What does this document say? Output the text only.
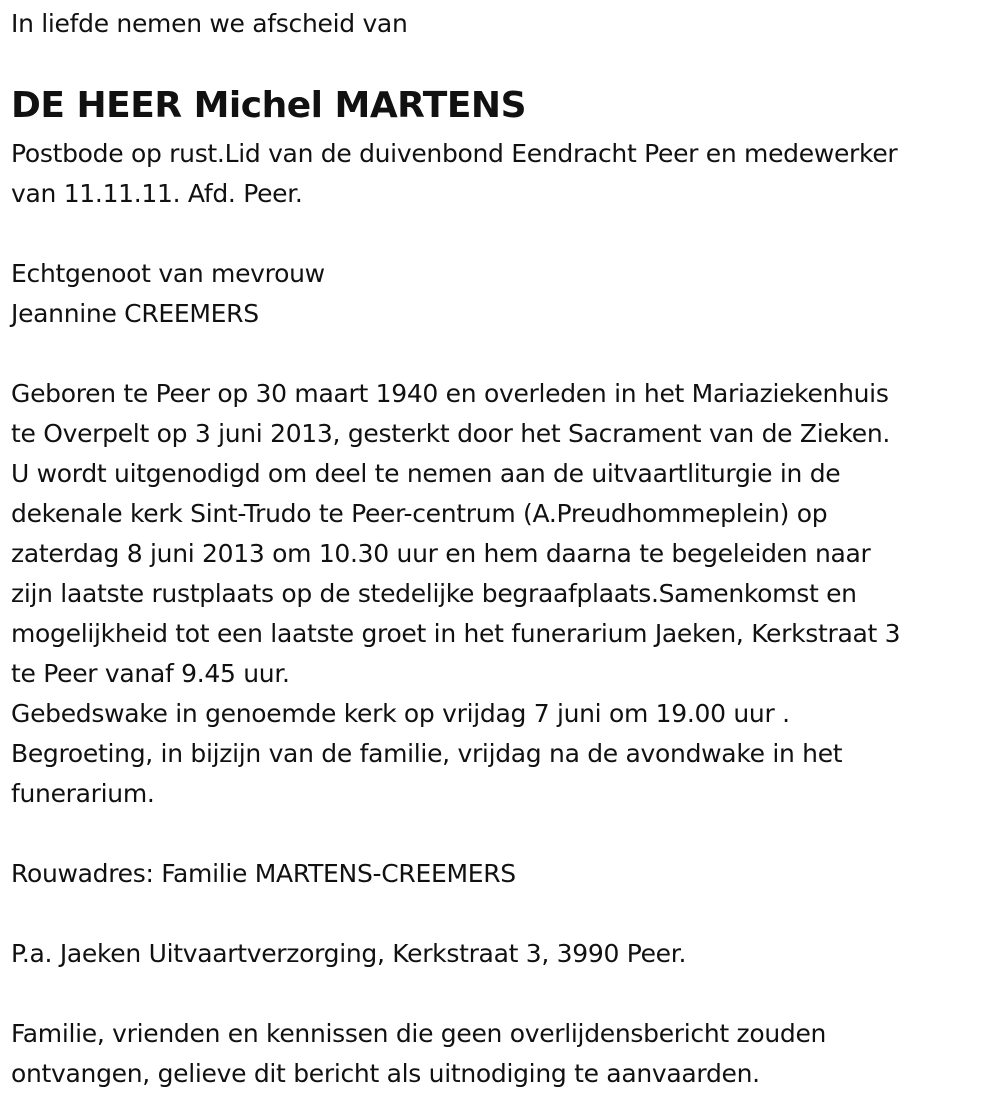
In liefde nemen we afscheid van
DE HEER Michel MARTENS
Postbode op rust.Lid van de duivenbond Eendracht Peer en medewerker
van 11.11.11. Afd. Peer.
Echtgenoot van mevrouw
Jeannine CREEMERS
Geboren te Peer op 30 maart 1940 en overleden in het Mariaziekenhuis
te Overpelt op 3 juni 2013, gesterkt door het Sacrament van de Zieken.
U wordt uitgenodigd om deel te nemen aan de uitvaartliturgie in de
dekenale kerk Sint-Trudo te Peer-centrum (A.Preudhommeplein) op
zaterdag 8 juni 2013 om 10.30 uur en hem daarna te begeleiden naar
zijn laatste rustplaats op de stedelijke begraafplaats.Samenkomst en
mogelijkheid tot een laatste groet in het funerarium Jaeken, Kerkstraat 3
te Peer vanaf 9.45 uur.
Gebedswake in genoemde kerk op vrijdag 7 juni om 19.00 uur .
Begroeting, in bijzijn van de familie, vrijdag na de avondwake in het
funerarium.
Rouwadres: Familie MARTENS-CREEMERS
P.a. Jaeken Uitvaartverzorging, Kerkstraat 3, 3990 Peer.
Familie, vrienden en kennissen die geen overlijdensbericht zouden
ontvangen, gelieve dit bericht als uitnodiging te aanvaarden.
